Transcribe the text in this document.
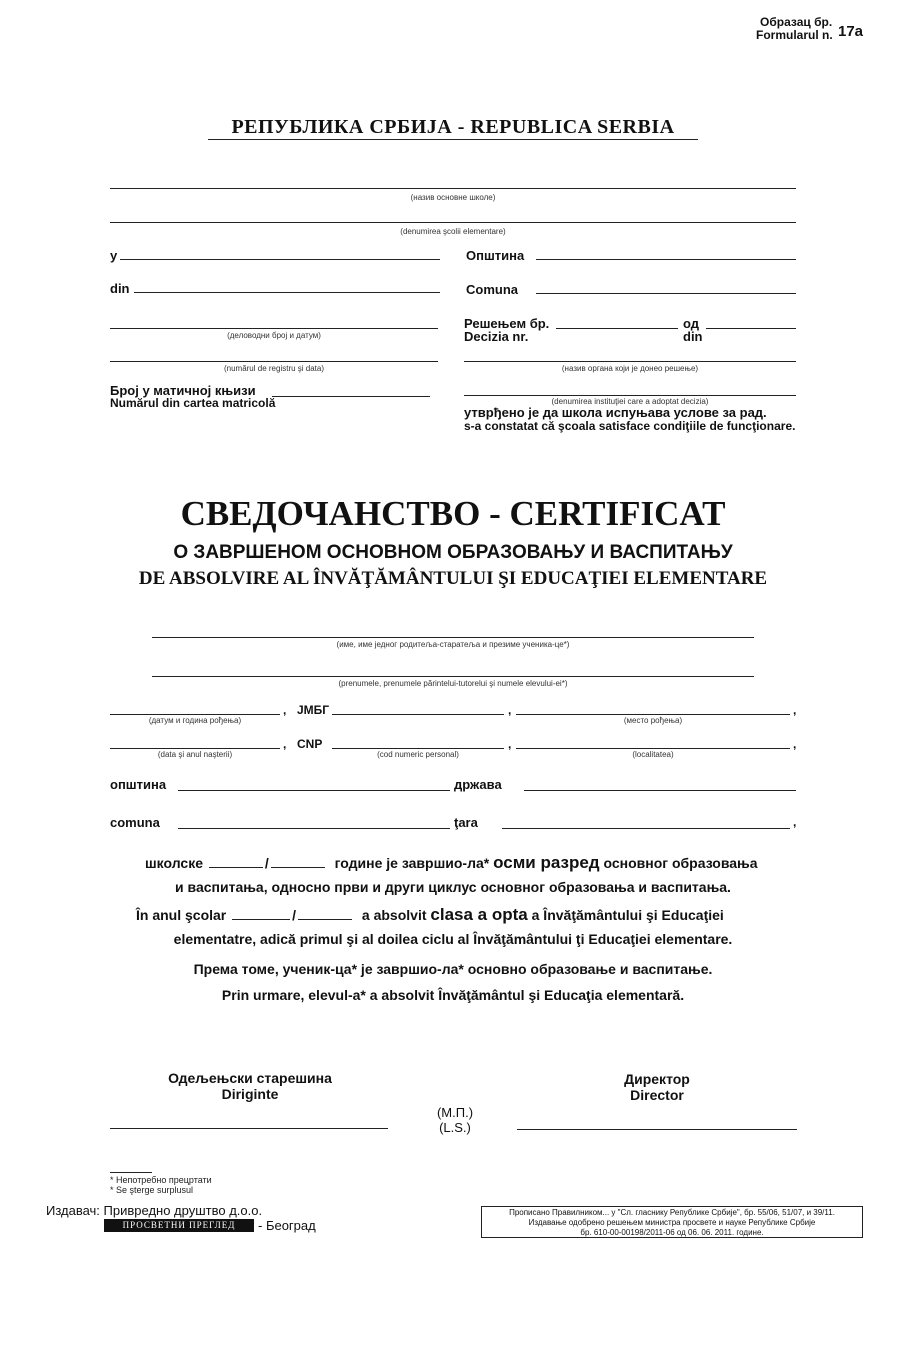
Образац бр.
Formularul n. 17а
РЕПУБЛИКА СРБИЈА - REPUBLICA SERBIA
(назив основне школе)
(denumirea şcolii elementare)
у	Општина
din	Comuna
(деловодни број и датум)
(numărul de registru şi data)
Број у матичној књизи
Numărul din cartea matricolă
Решењем бр.	од
Decizia nr.	din
(назив органа који је донео решење)
(denumirea instituţiei care a adoptat decizia)
утврђено је да школа испуњава услове за рад.
s-a constatat că şcoala satisface condiţiile de funcţionare.
СВЕДОЧАНСТВО - CERTIFICAT
О ЗАВРШЕНОМ ОСНОВНОМ ОБРАЗОВАЊУ И ВАСПИТАЊУ
DE ABSOLVIRE AL ÎNVĂŢĂMÂNTULUI ŞI EDUCAŢIEI ELEMENTARE
(име, име једног родитеља-старатеља и презиме ученика-це*)
(prenumele, prenumele părintelui-tutorelui şi numele elevului-ei*)
, ЈМБГ	,	,
(датум и година рођења)	(место рођења)
, CNP	,	,
(data şi anul naşterii)	(cod numeric personal)	(localitatea)
општина	држава
comuna	ţara	,
школске	/	године је завршио-ла* осми разред основног образовања
и васпитања, односно први и други циклус основног образовања и васпитања.
În anul şcolar	/	a absolvit clasa a opta a Învăţământului şi Educaţiei
elementatre, adică primul şi al doilea ciclu al Învăţământului ţi Educaţiei elementare.
Према томе, ученик-ца* је завршио-ла* основно образовање и васпитање.
Prin urmare, elevul-a* a absolvit Învăţământul şi Educaţia elementară.
Одељењски старешина
Diriginte
(М.П.)
(L.S.)
Директор
Director
* Непотребно прецртати
* Se şterge surplusul
Издавач: Привредно друштво д.о.о.
ПРОСВЕТНИ ПРЕГЛЕД	- Београд
Прописано Правилником... у "Сл. гласнику Републике Србије", бр. 55/06, 51/07, и 39/11.
Издавање одобрено решењем министра просвете и науке Републике Србије
бр. 610-00-00198/2011-06 од 06. 06. 2011. године.
